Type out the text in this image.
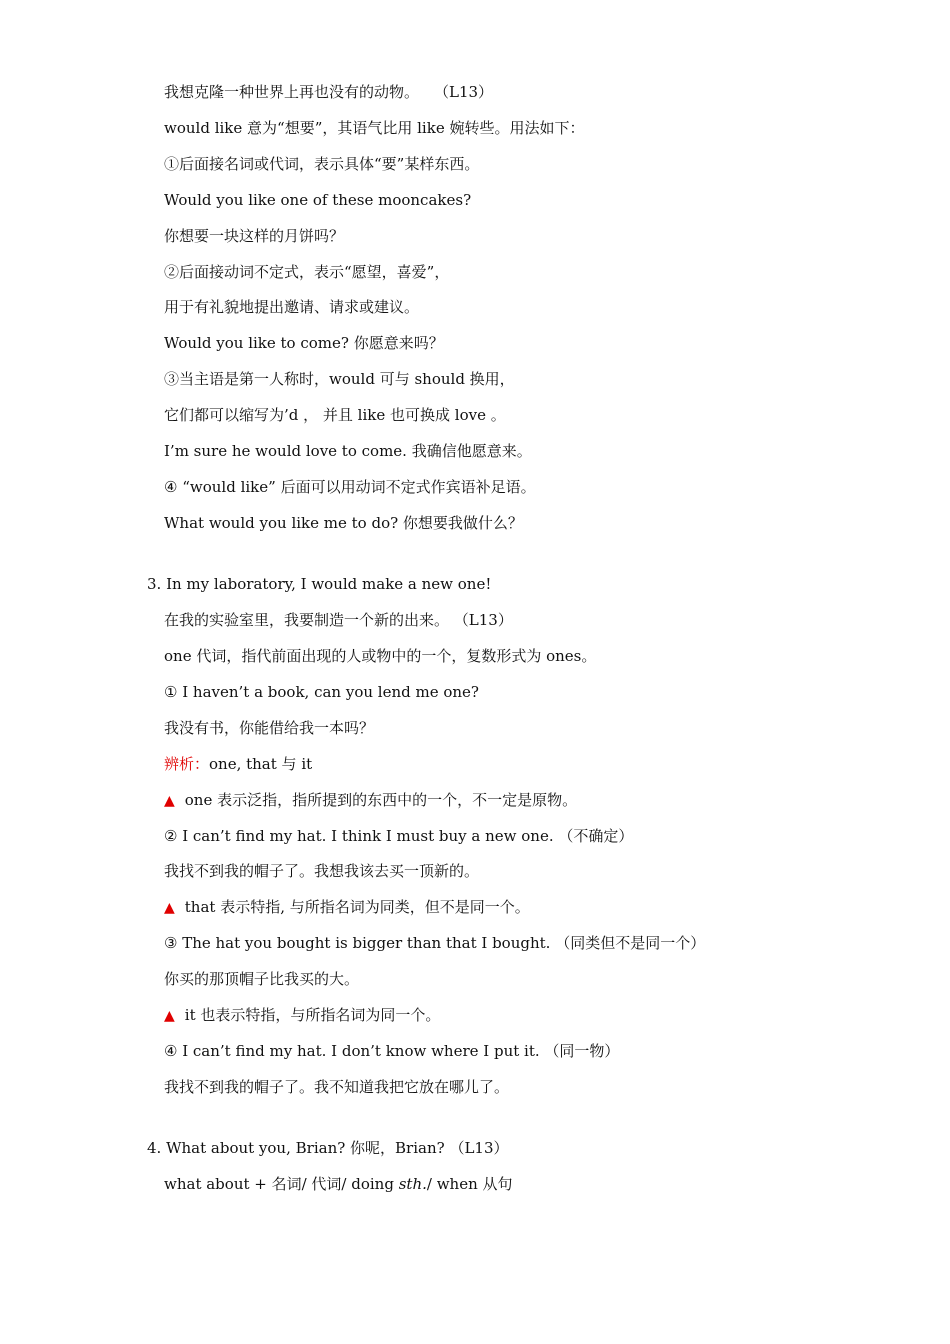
我想克隆一种世界上再也没有的动物。　　（L13）
would like 意为“想要”，其语气比用 like 婉转些。用法如下：
①后面接名词或代词，表示具体“要”某样东西。
Would you like one of these mooncakes?
你想要一块这样的月饼吗？
②后面接动词不定式，表示“愿望，喜爱”，
用于有礼貌地提出邀请、请求或建议。
Would you like to come? 你愿意来吗？
③当主语是第一人称时，would 可与 should 换用，
它们都可以缩写为’d ， 并且 like 也可换成 love 。
I’m sure he would love to come. 我确信他愿意来。
④ “would like” 后面可以用动词不定式作宾语补足语。
What would you like me to do? 你想要我做什么？
3. In my laboratory, I would make a new one!
在我的实验室里，我要制造一个新的出来。 （L13）
one 代词，指代前面出现的人或物中的一个，复数形式为 ones。
① I haven’t a book, can you lend me one?
我没有书，你能借给我一本吗？
辨析：one, that 与 it
▲ one 表示泛指，指所提到的东西中的一个，不一定是原物。
② I can’t find my hat. I think I must buy a new one. （不确定）
我找不到我的帽子了。我想我该去买一顶新的。
▲ that 表示特指, 与所指名词为同类，但不是同一个。
③ The hat you bought is bigger than that I bought. （同类但不是同一个）
你买的那顶帽子比我买的大。
▲ it 也表示特指，与所指名词为同一个。
④ I can’t find my hat. I don’t know where I put it. （同一物）
我找不到我的帽子了。我不知道我把它放在哪儿了。
4. What about you, Brian? 你呢，Brian? （L13）
what about + 名词/ 代词/ doing sth./ when 从句
